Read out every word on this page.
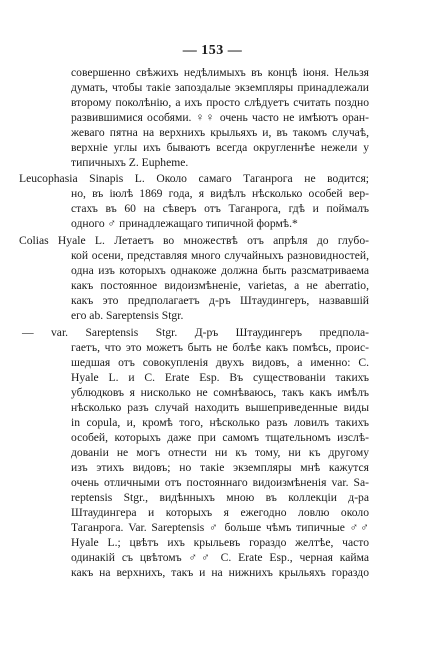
— 153 —
совершенно свѣжихъ недѣлимыхъ въ концѣ iюня. Нельзя
думать, чтобы такiе запоздалые экземпляры принадлежали
второму поколѣнiю, а ихъ просто слѣдуетъ считать поздно
развившимися особями. ♀♀ очень часто не имѣютъ оран-
жеваго пятна на верхнихъ крыльяхъ и, въ такомъ случаѣ,
верхнiе углы ихъ бываютъ всегда округленнѣе нежели у
типичныхъ Z. Eupheme.
Leucophasia Sinapis L. Около самаго Таганрога не водится;
но, въ iюлѣ 1869 года, я видѣлъ нѣсколько особей вер-
стахъ въ 60 на сѣверъ отъ Таганрога, гдѣ и поймалъ
одного ♂ принадлежащаго типичной формѣ.*
Colias Hyale L. Летаетъ во множествѣ отъ апрѣля до глубо-
кой осени, представляя много случайныхъ разновидностей,
одна изъ которыхъ однакоже должна быть разсматриваема
какъ постоянное видоизмѣненiе, varietas, а не aberratio,
какъ это предполагаетъ д-ръ Штаудингеръ, назвавшiй
его ab. Sareptensis Stgr.
— var. Sareptensis Stgr. Д-ръ Штаудингеръ предпола-
гаетъ, что это можетъ быть не болѣе какъ помѣсь, проис-
шедшая отъ совокупленiя двухъ видовъ, а именно: C.
Hyale L. и C. Erate Esp. Въ существованiи такихъ
ублюдковъ я нисколько не сомнѣваюсь, такъ какъ имѣлъ
нѣсколько разъ случай находить вышеприведенные виды
in copula, и, кромѣ того, нѣсколько разъ ловилъ такихъ
особей, которыхъ даже при самомъ тщательномъ изслѣ-
дованiи не могъ отнести ни къ тому, ни къ другому
изъ этихъ видовъ; но такiе экземпляры мнѣ кажутся
очень отличными отъ постояннаго видоизмѣненiя var. Sa-
reptensis Stgr., видѣнныхъ мною въ коллекцiи д-ра
Штаудингера и которыхъ я ежегодно ловлю около
Таганрога. Var. Sareptensis ♂ больше чѣмъ типичные ♂♂
Hyale L.; цвѣтъ ихъ крыльевъ гораздо желтѣе, часто
одинакiй съ цвѣтомъ ♂♂ C. Erate Esp., черная кайма
какъ на верхнихъ, такъ и на нижнихъ крыльяхъ гораздо
